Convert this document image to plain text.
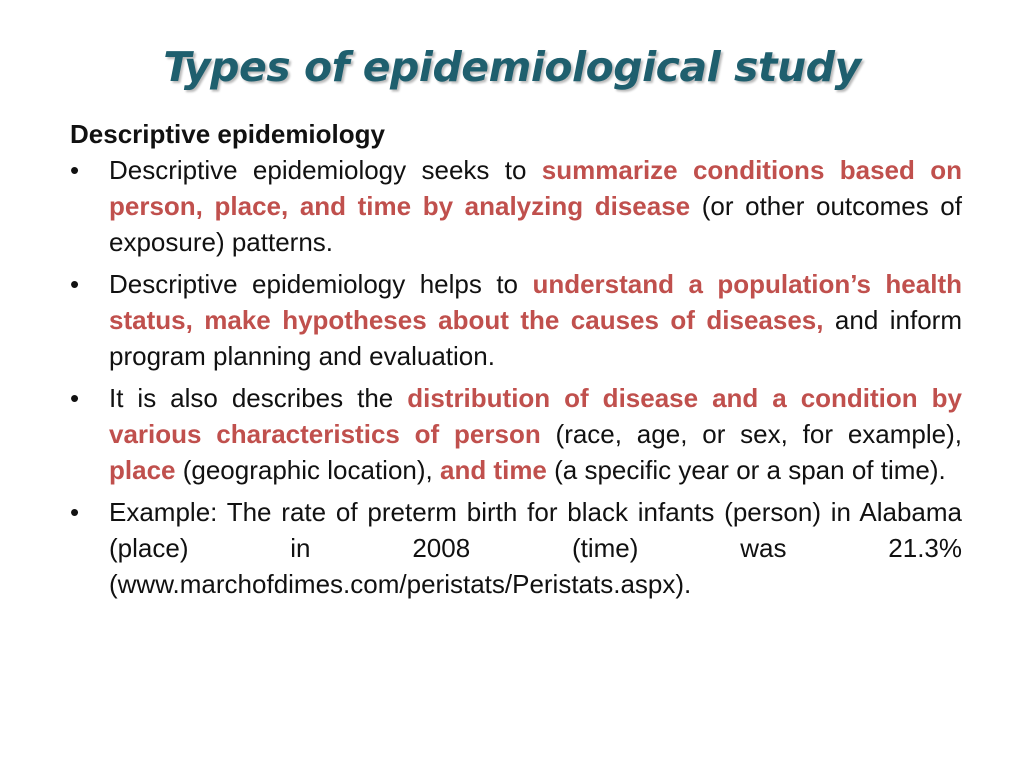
Types of epidemiological study
Descriptive epidemiology
•	Descriptive epidemiology seeks to summarize conditions based on person, place, and time by analyzing disease (or other outcomes of exposure) patterns.
•	Descriptive epidemiology helps to understand a population’s health status, make hypotheses about the causes of diseases, and inform program planning and evaluation.
•	It is also describes the distribution of disease and a condition by various characteristics of person (race, age, or sex, for example), place (geographic location), and time (a specific year or a span of time).
•	Example: The rate of preterm birth for black infants (person) in Alabama (place) in 2008 (time) was 21.3% (www.marchofdimes.com/peristats/Peristats.aspx).
